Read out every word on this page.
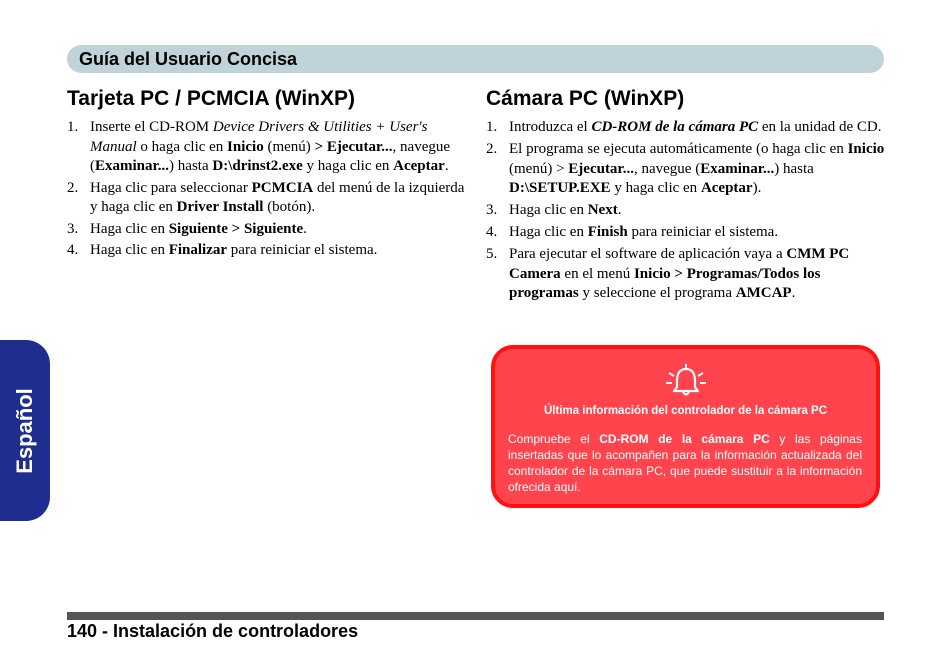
Guía del Usuario Concisa
Español
Tarjeta PC / PCMCIA (WinXP)
1. Inserte el CD-ROM Device Drivers & Utilities + User's Manual o haga clic en Inicio (menú) > Ejecutar..., navegue (Examinar...) hasta D:\drinst2.exe y haga clic en Aceptar.
2. Haga clic para seleccionar PCMCIA del menú de la izquierda y haga clic en Driver Install (botón).
3. Haga clic en Siguiente > Siguiente.
4. Haga clic en Finalizar para reiniciar el sistema.
Cámara PC (WinXP)
1. Introduzca el CD-ROM de la cámara PC en la unidad de CD.
2. El programa se ejecuta automáticamente (o haga clic en Inicio (menú) > Ejecutar..., navegue (Examinar...) hasta D:\SETUP.EXE y haga clic en Aceptar).
3. Haga clic en Next.
4. Haga clic en Finish para reiniciar el sistema.
5. Para ejecutar el software de aplicación vaya a CMM PC Camera en el menú Inicio > Programas/Todos los programas y seleccione el programa AMCAP.
Última información del controlador de la cámara PC
Compruebe el CD-ROM de la cámara PC y las páginas insertadas que lo acompañen para la información actualizada del controlador de la cámara PC, que puede sustituir a la información ofrecida aquí.
140 - Instalación de controladores
